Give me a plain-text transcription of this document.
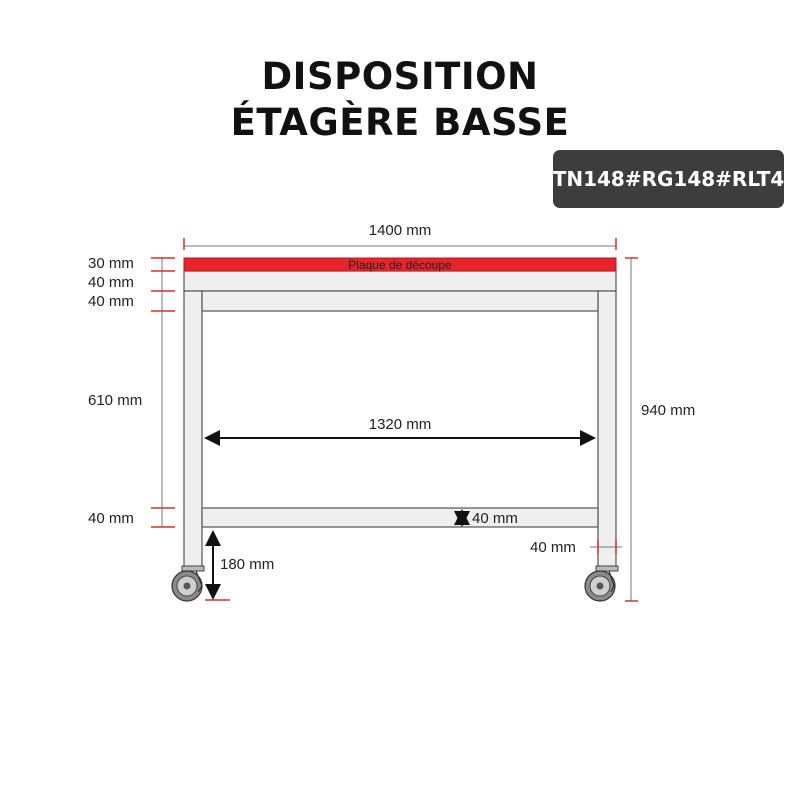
DISPOSITION
ÉTAGÈRE BASSE
TN148#RG148#RLT4
Plaque de découpe
1400 mm
30 mm
40 mm
40 mm
610 mm
40 mm
1320 mm
40 mm
40 mm
180 mm
940 mm
